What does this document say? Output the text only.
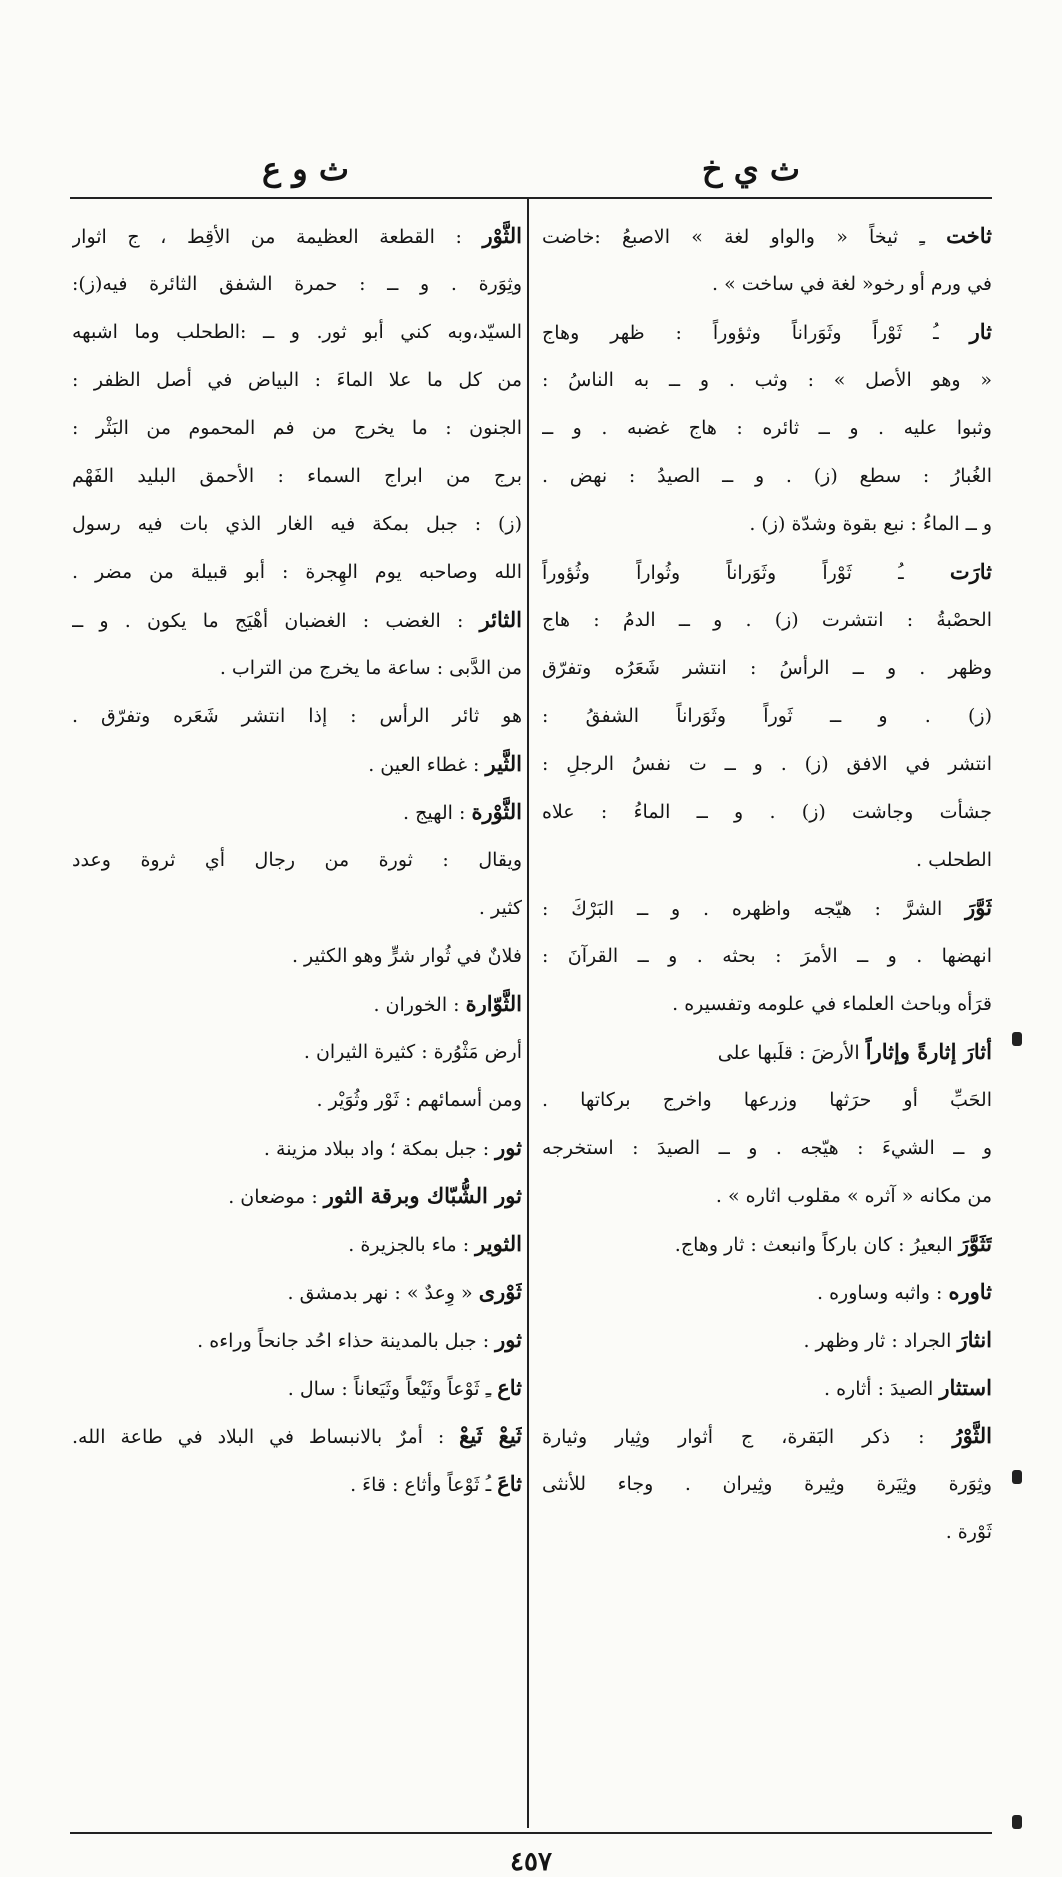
ث ي خ
ث و ع
ثاخت ـِ ثيخاً « والواو لغة » الاصبعُ :خاضت
في ورم أو رخو« لغة في ساخت » .
ثار ـُ ثَوْراً وثَوَراناً وثؤوراً : ظهر وهاج
« وهو الأصل » : وثب . و ــ به الناسُ :
وثبوا عليه . و ــ ثائره : هاج غضبه . و ــ
الغُبارُ : سطع (ز) . و ــ الصيدُ : نهض .
و ــ الماءُ : نبع بقوة وشدّة (ز) .
ثارَت ـُ ثَوْراً وثَوَراناً وثُواراً وثُؤوراً
الحصْبةُ : انتشرت (ز) . و ــ الدمُ : هاج
وظهر . و ــ الرأسُ : انتشر شَعَرُه وتفرّق
(ز) . و ــ ثَوراً وثَوَراناً الشفقُ :
انتشر في الافق (ز) . و ــ ت نفسُ الرجلِ :
جشأت وجاشت (ز) . و ــ الماءُ : علاه
الطحلب .
ثَوَّرَ الشرَّ : هيّجه واظهره . و ــ البَرْكَ :
انهضها . و ــ الأمرَ : بحثه . و ــ القرآنَ :
قرَأه وباحث العلماء في علومه وتفسيره .
أثارَ إثارةً وإثاراً الأرضَ : قلَبها على
الحَبِّ أو حرَثها وزرعها واخرج بركاتها .
و ــ الشيءَ : هيّجه . و ــ الصيدَ : استخرجه
من مكانه « آثره » مقلوب اثاره » .
تَثَوَّرَ البعيرُ : كان باركاً وانبعث : ثار وهاج.
ثاوره : واثبه وساوره .
انثارَ الجراد : ثار وظهر .
استثار الصيدَ : أثاره .
الثَّوْرُ : ذكر البَقرة، ج أثوار وثِيار وثيارة
وثِوَرة وثِيَرة وثِيرة وثِيران . وجاء للأنثى
ثَوْرة .
الثَّوْر : القطعة العظيمة من الأقِط ، ج اثوار
وثِوَرة . و ــ : حمرة الشفق الثائرة فيه(ز):
السيّد،وبه كني أبو ثور. و ــ :الطحلب وما اشبهه
من كل ما علا الماءَ : البياض في أصل الظفر :
الجنون : ما يخرج من فم المحموم من البَثْر :
برج من ابراج السماء : الأحمق البليد الفَهْم
(ز) : جبل بمكة فيه الغار الذي بات فيه رسول
الله وصاحبه يوم الهِجرة : أبو قبيلة من مضر .
الثائر : الغضب : الغضبان أهْيَج ما يكون . و ــ
من الدَّبى : ساعة ما يخرج من التراب .
هو ثائر الرأس : إذا انتشر شَعَره وتفرّق .
الثَّير : غطاء العين .
الثَّوْرة : الهيج .
ويقال : ثورة من رجال أي ثروة وعدد
كثير .
فلانٌ في ثُوار شرٍّ وهو الكثير .
الثَّوّارة : الخوران .
أرض مَثْوُرة : كثيرة الثيران .
ومن أسمائهم : ثَوْر وثُوَيْر .
ثور : جبل بمكة ؛ واد ببلاد مزينة .
ثور الشُّبّاك وبرقة الثور : موضعان .
الثوير : ماء بالجزيرة .
ثَوْرى « وِعدٌ » : نهر بدمشق .
ثور : جبل بالمدينة حذاء احُد جانحاً وراءه .
ثاع ـِ ثَوْعاً وثَيْعاً وثَيَعاناً : سال .
ثَيعْ ثَيعْ : أمرٌ بالانبساط في البلاد في طاعة الله.
ثاعَ ـُ ثَوْعاً وأثاع : قاءَ .
٤٥٧
